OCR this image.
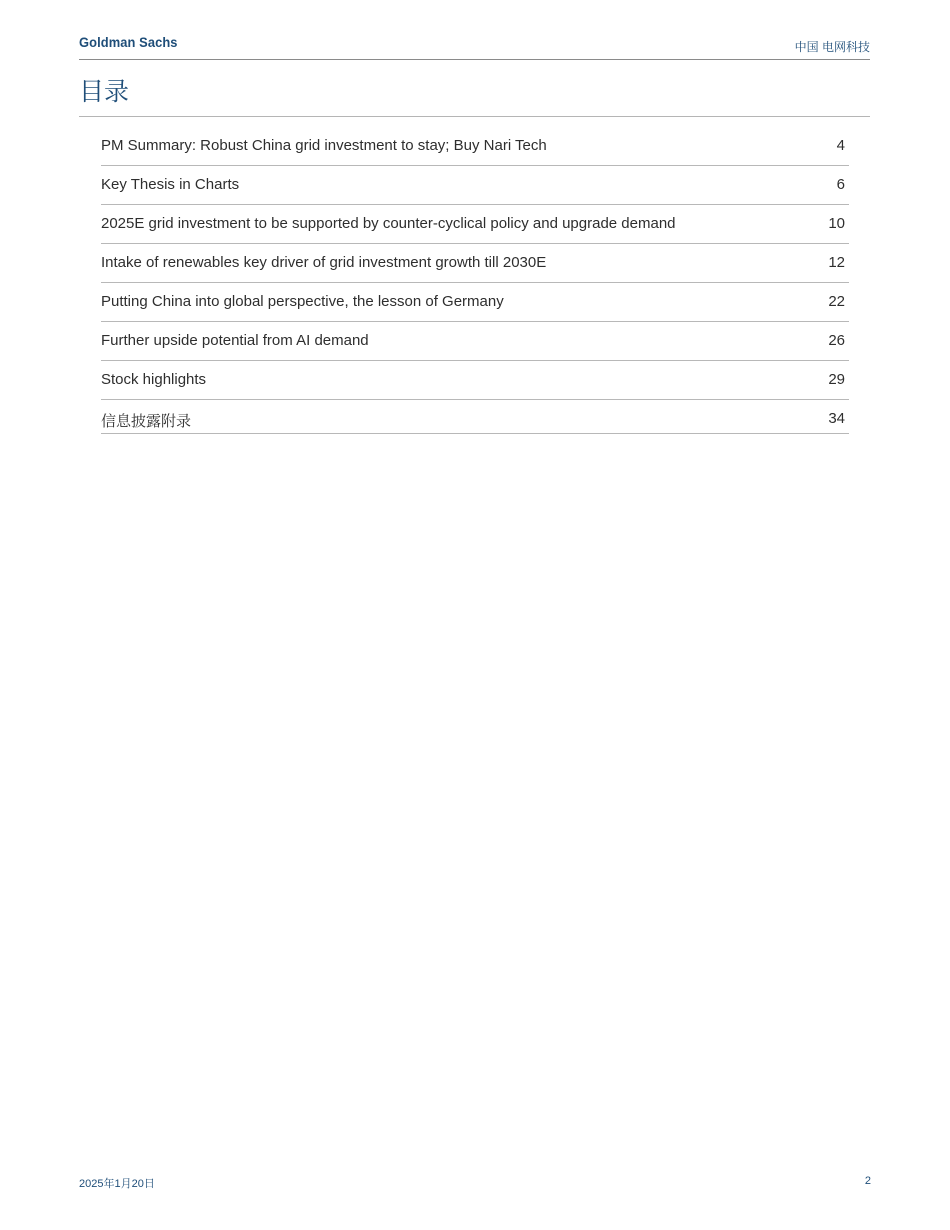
Goldman Sachs	中国 电网科技
目录
PM Summary: Robust China grid investment to stay; Buy Nari Tech	4
Key Thesis in Charts	6
2025E grid investment to be supported by counter-cyclical policy and upgrade demand	10
Intake of renewables key driver of grid investment growth till 2030E	12
Putting China into global perspective, the lesson of Germany	22
Further upside potential from AI demand	26
Stock highlights	29
信息披露附录	34
2025年1月20日	2
